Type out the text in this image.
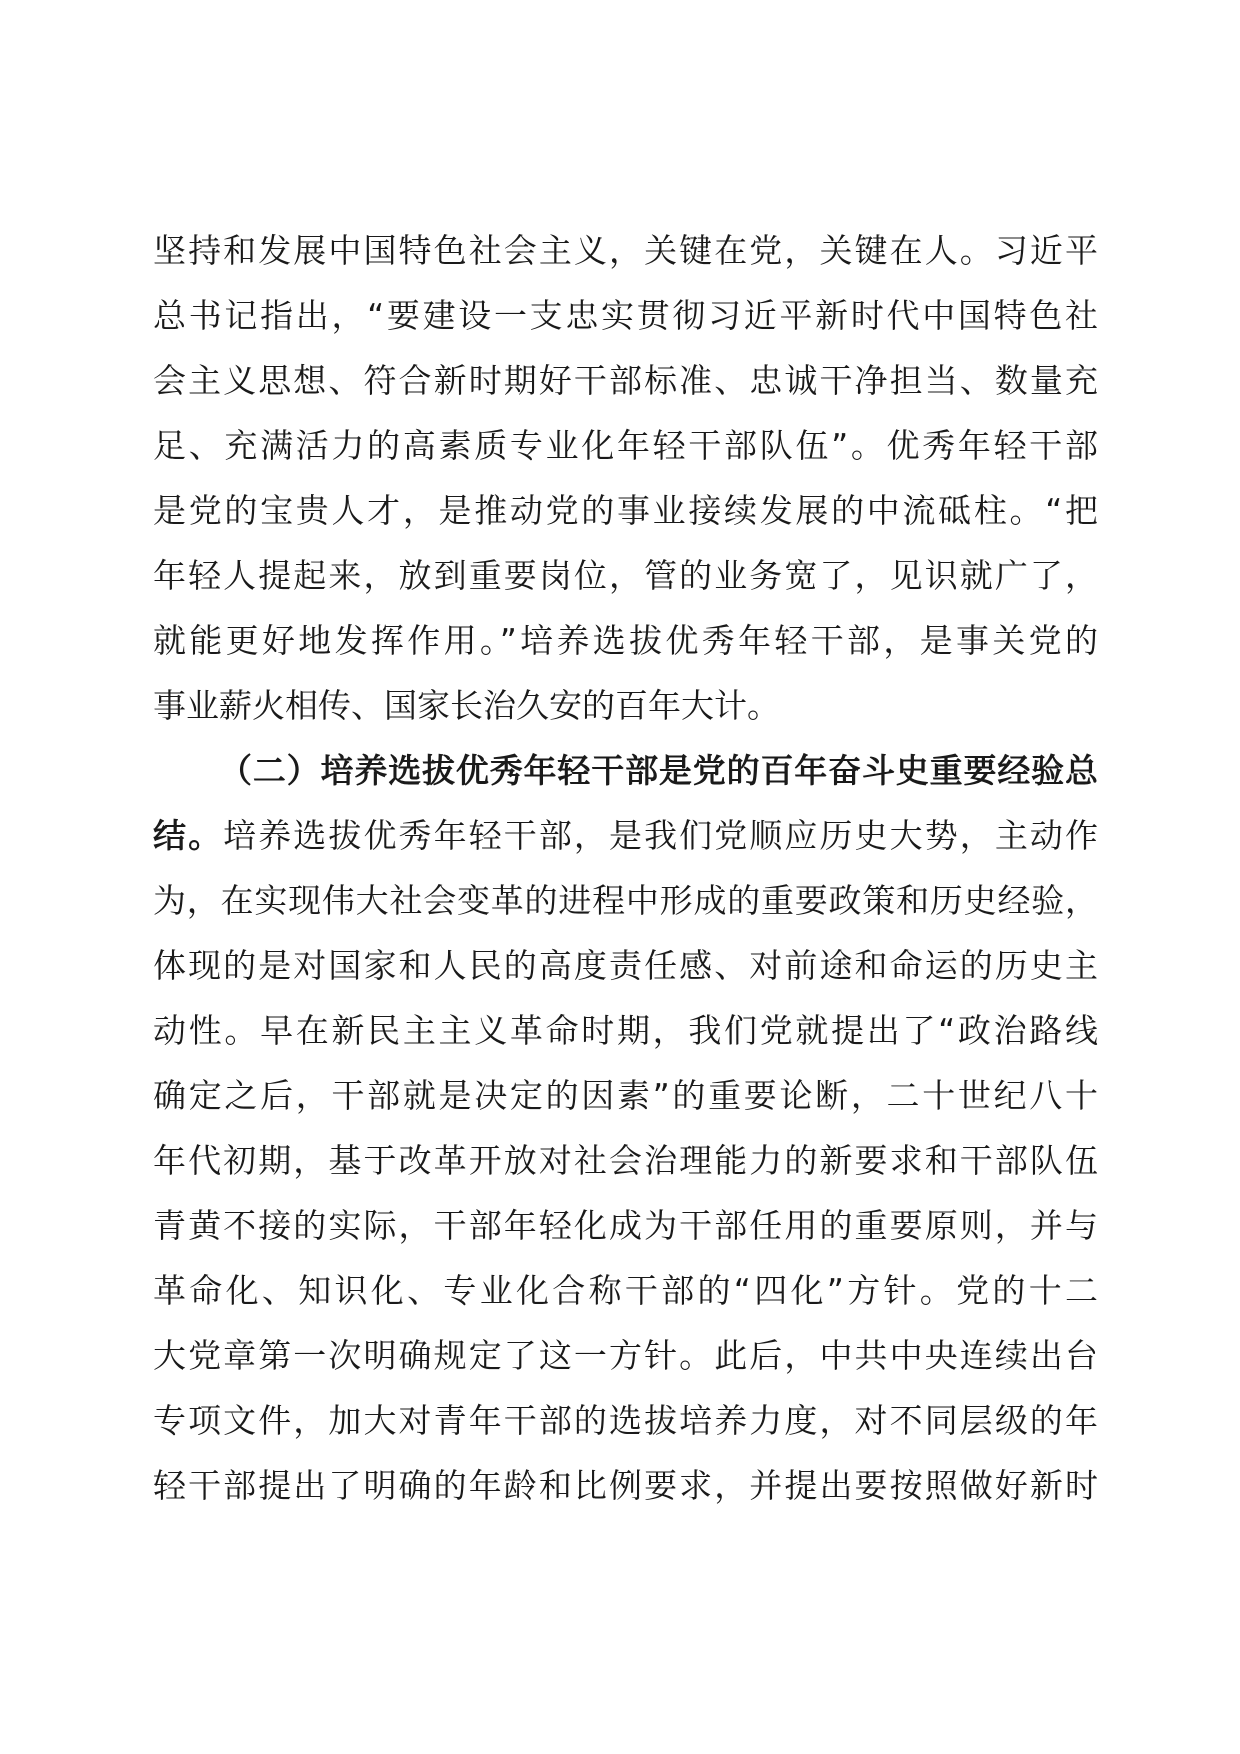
坚持和发展中国特色社会主义，关键在党，关键在人。习近平
总书记指出，“要建设一支忠实贯彻习近平新时代中国特色社
会主义思想、符合新时期好干部标准、忠诚干净担当、数量充
足、充满活力的高素质专业化年轻干部队伍”。优秀年轻干部
是党的宝贵人才，是推动党的事业接续发展的中流砥柱。“把
年轻人提起来，放到重要岗位，管的业务宽了，见识就广了，
就能更好地发挥作用。”培养选拔优秀年轻干部，是事关党的
事业薪火相传、国家长治久安的百年大计。
（二）培养选拔优秀年轻干部是党的百年奋斗史重要经验总
结。培养选拔优秀年轻干部，是我们党顺应历史大势，主动作
为，在实现伟大社会变革的进程中形成的重要政策和历史经验，
体现的是对国家和人民的高度责任感、对前途和命运的历史主
动性。早在新民主主义革命时期，我们党就提出了“政治路线
确定之后，干部就是决定的因素”的重要论断，二十世纪八十
年代初期，基于改革开放对社会治理能力的新要求和干部队伍
青黄不接的实际，干部年轻化成为干部任用的重要原则，并与
革命化、知识化、专业化合称干部的“四化”方针。党的十二
大党章第一次明确规定了这一方针。此后，中共中央连续出台
专项文件，加大对青年干部的选拔培养力度，对不同层级的年
轻干部提出了明确的年龄和比例要求，并提出要按照做好新时
